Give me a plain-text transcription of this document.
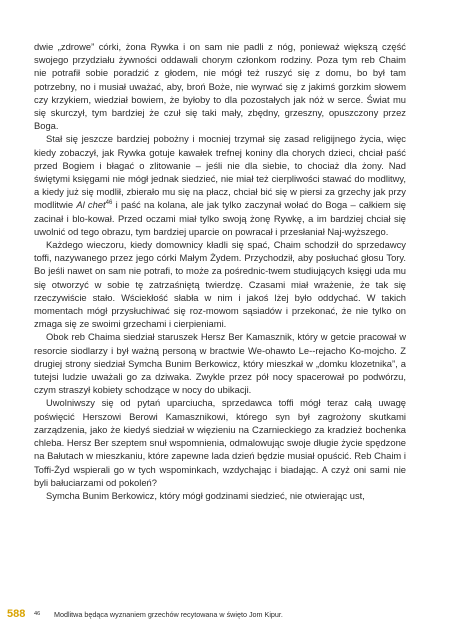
dwie „zdrowe” córki, żona Rywka i on sam nie padli z nóg, ponieważ większą część swojego przydziału żywności oddawali chorym członkom rodziny. Poza tym reb Chaim nie potrafił sobie poradzić z głodem, nie mógł też ruszyć się z domu, bo był tam potrzebny, no i musiał uważać, aby, broń Boże, nie wyrwać się z jakimś gorzkim słowem czy krzykiem, wiedział bowiem, że byłoby to dla pozostałych jak nóż w serce. Świat mu się skurczył, tym bardziej że czuł się taki mały, zbędny, grzeszny, opuszczony przez Boga.

Stał się jeszcze bardziej pobożny i mocniej trzymał się zasad religijnego życia, więc kiedy zobaczył, jak Rywka gotuje kawałek trefnej koniny dla chorych dzieci, chciał paść przed Bogiem i błagać o zlitowanie – jeśli nie dla siebie, to chociaż dla żony. Nad świętymi księgami nie mógł jednak siedzieć, nie miał też cierpliwości stawać do modlitwy, a kiedy już się modlił, zbierało mu się na płacz, chciał bić się w piersi za grzechy jak przy modlitwie Al chet$^{46}$ i paść na kolana, ale jak tylko zaczynał wołać do Boga – całkiem się zacinał i blo-kował. Przed oczami miał tylko swoją żonę Rywkę, a im bardziej chciał się uwolnić od tego obrazu, tym bardziej uparcie on powracał i przesłaniał Naj-wyższego.

Każdego wieczoru, kiedy domownicy kładli się spać, Chaim schodził do sprzedawcy toffi, nazywanego przez jego córki Małym Żydem. Przychodził, aby posłuchać głosu Tory. Bo jeśli nawet on sam nie potrafi, to może za pośrednic-twem studiujących księgi uda mu się otworzyć w sobie tę zatrzaśniętą twierdzę. Czasami miał wrażenie, że tak się rzeczywiście stało. Wściekłość słabła w nim i jakoś lżej było oddychać. W takich momentach mógł przysłuchiwać się roz-mowom sąsiadów i przekonać, że nie tylko on zmaga się ze swoimi grzechami i cierpieniami.

Obok reb Chaima siedział staruszek Hersz Ber Kamasznik, który w getcie pracował w resorcie siodlarzy i był ważną personą w bractwie We-ohawto Le--rejacho Ko-mojcho. Z drugiej strony siedział Symcha Bunim Berkowicz, który mieszkał w „domku klozetnika”, a tutejsi ludzie uważali go za dziwaka. Zwykle przez pół nocy spacerował po podwórzu, czym straszył kobiety schodzące w nocy do ubikacji.

Uwolniwszy się od pytań uparciucha, sprzedawca toffi mógł teraz całą uwagę poświęcić Herszowi Berowi Kamasznikowi, którego syn był zagrożony skutkami zarządzenia, jako że kiedyś siedział w więzieniu na Czarnieckiego za kradzież bochenka chleba. Hersz Ber szeptem snuł wspomnienia, odmalowując swoje długie życie spędzone na Bałutach w mieszkaniu, które zapewne lada dzień będzie musiał opuścić. Reb Chaim i Toffi-Żyd wspierali go w tych wspominkach, wzdychając i biadając. A czyż oni sami nie byli bałuciarzami od pokoleń?

Symcha Bunim Berkowicz, który mógł godzinami siedzieć, nie otwierając ust,

588 46 Modlitwa będąca wyznaniem grzechów recytowana w święto Jom Kipur.
